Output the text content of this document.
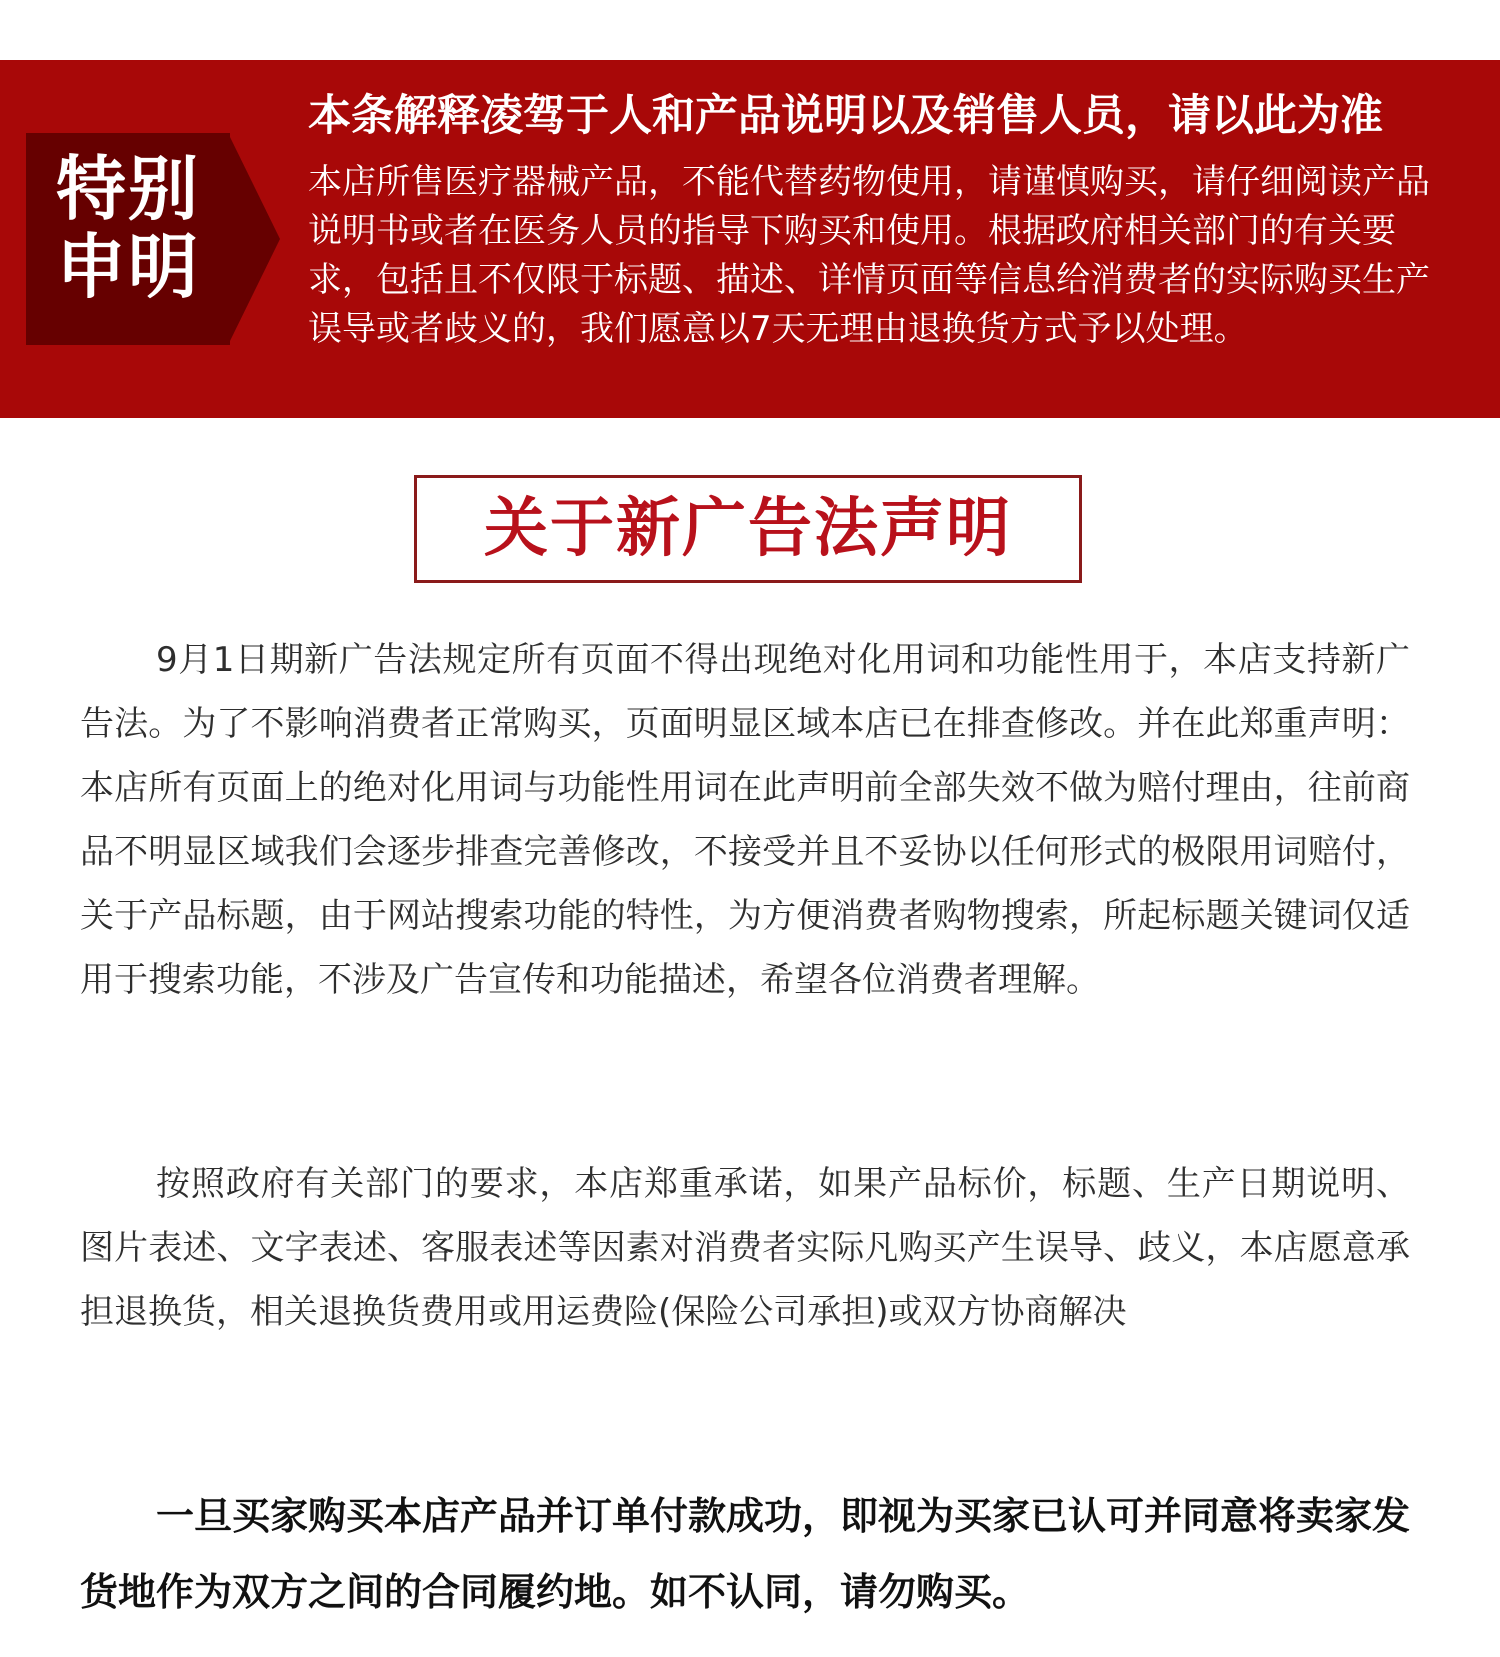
特别
申明
本条解释凌驾于人和产品说明以及销售人员，请以此为准
本店所售医疗器械产品，不能代替药物使用，请谨慎购买，请仔细阅读产品说明书或者在医务人员的指导下购买和使用。根据政府相关部门的有关要求，包括且不仅限于标题、描述、详情页面等信息给消费者的实际购买生产误导或者歧义的，我们愿意以7天无理由退换货方式予以处理。
关于新广告法声明
9月1日期新广告法规定所有页面不得出现绝对化用词和功能性用于，本店支持新广告法。为了不影响消费者正常购买，页面明显区域本店已在排查修改。并在此郑重声明：本店所有页面上的绝对化用词与功能性用词在此声明前全部失效不做为赔付理由，往前商品不明显区域我们会逐步排查完善修改，不接受并且不妥协以任何形式的极限用词赔付，关于产品标题，由于网站搜索功能的特性，为方便消费者购物搜索，所起标题关键词仅适用于搜索功能，不涉及广告宣传和功能描述，希望各位消费者理解。
按照政府有关部门的要求，本店郑重承诺，如果产品标价，标题、生产日期说明、图片表述、文字表述、客服表述等因素对消费者实际凡购买产生误导、歧义，本店愿意承担退换货，相关退换货费用或用运费险(保险公司承担)或双方协商解决
一旦买家购买本店产品并订单付款成功，即视为买家已认可并同意将卖家发货地作为双方之间的合同履约地。如不认同，请勿购买。
